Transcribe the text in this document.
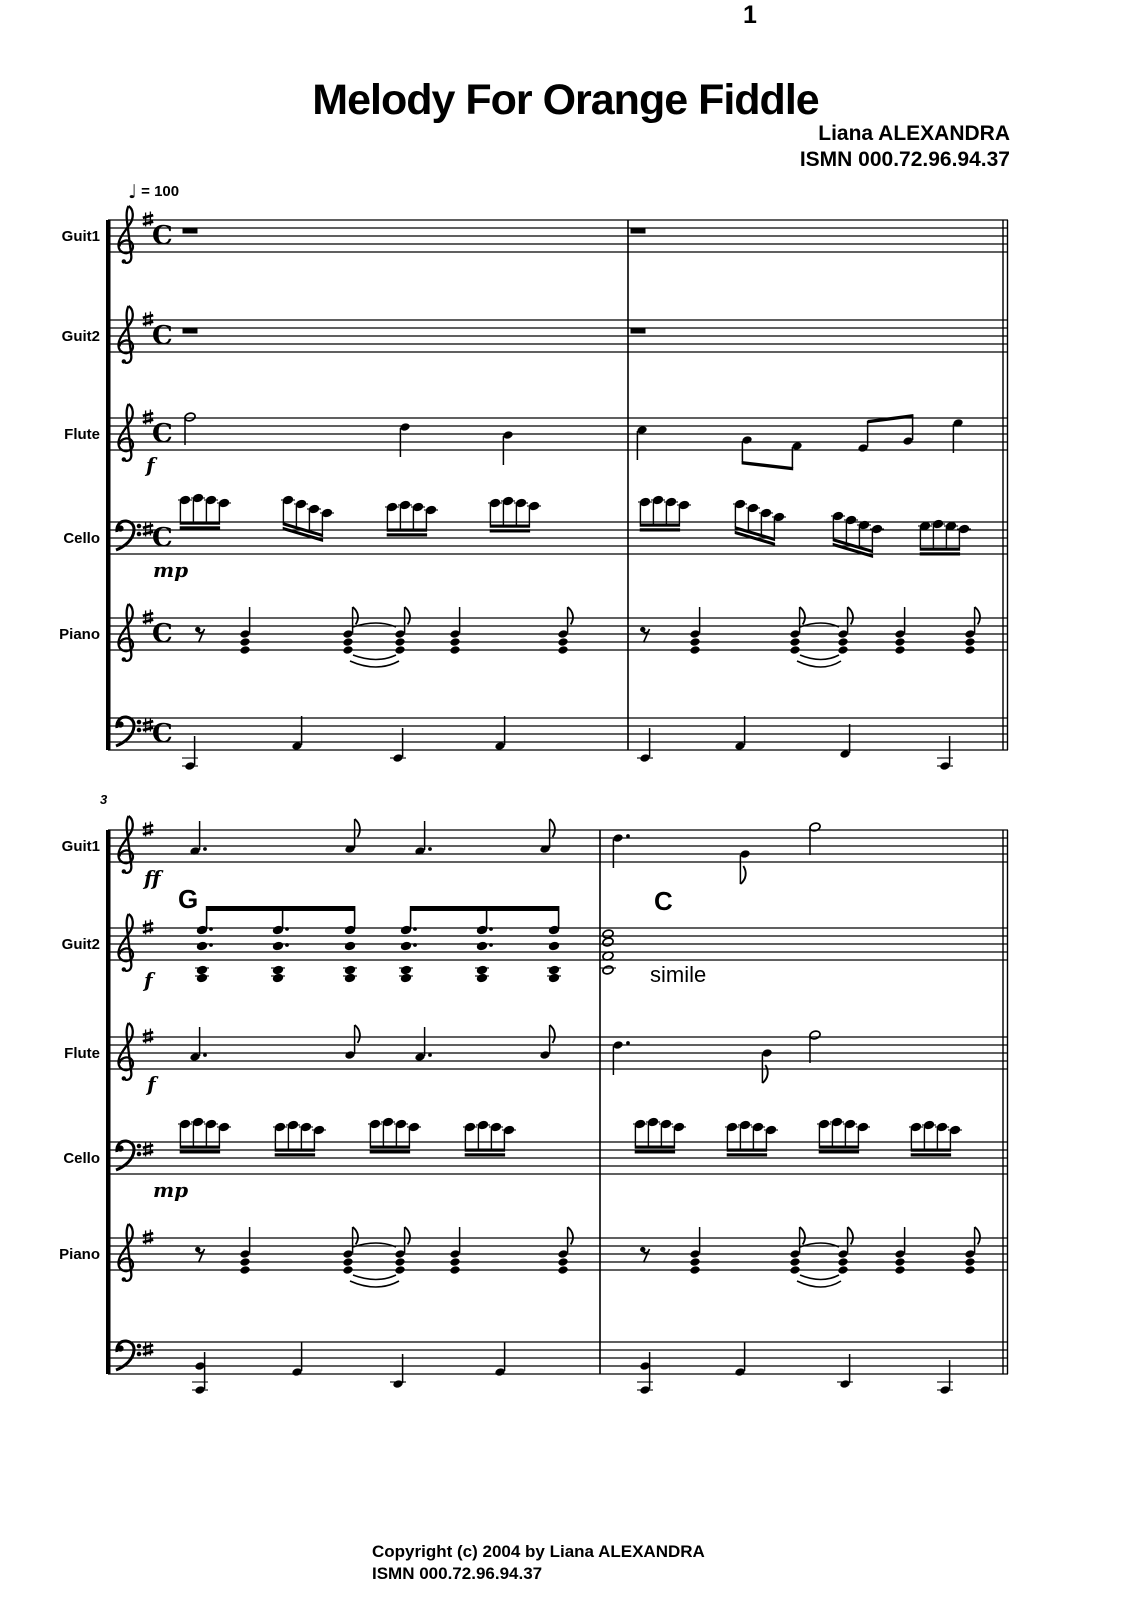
1
Melody For Orange Fiddle
Liana ALEXANDRA
ISMN 000.72.96.94.37
♩ = 100
C
C
C
C
C
C
Guit1
Guit2
Flute
Cello
Piano
Guit1
Guit2
Flute
Cello
Piano
f
mp
ff
f
f
mp
3
G	C
simile
Copyright (c) 2004 by Liana ALEXANDRA
ISMN 000.72.96.94.37
